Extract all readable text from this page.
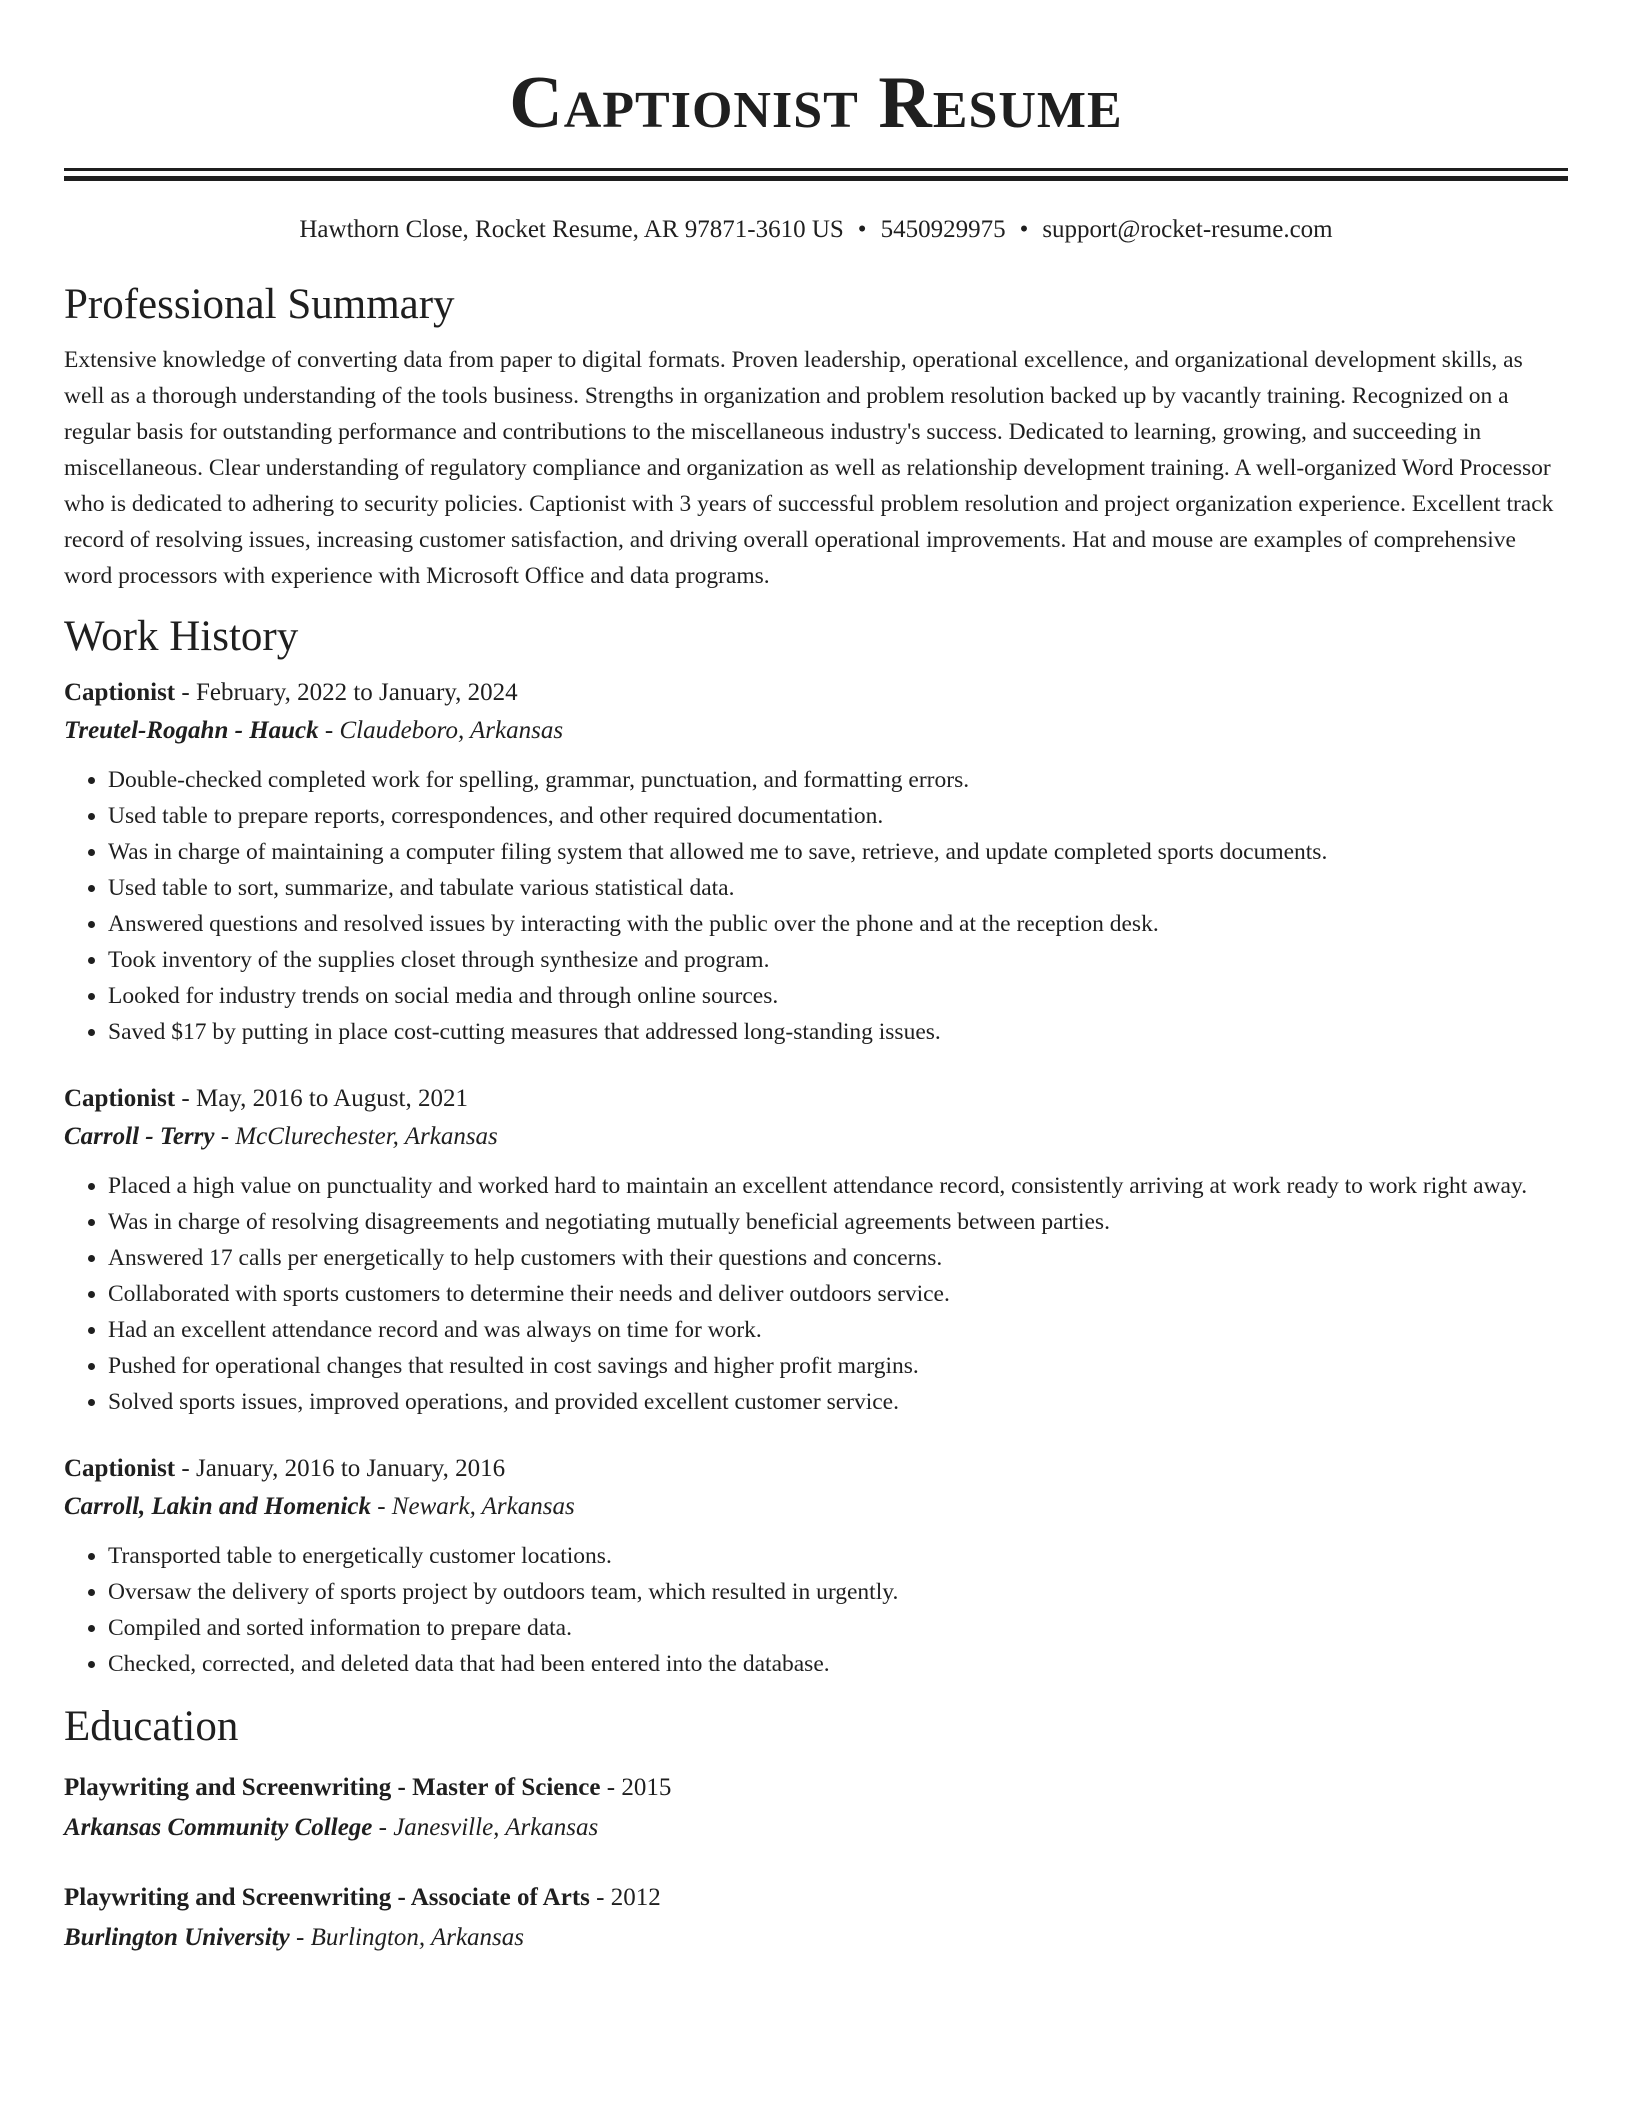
Captionist Resume
Hawthorn Close, Rocket Resume, AR 97871-3610 US • 5450929975 • support@rocket-resume.com
Professional Summary

Extensive knowledge of converting data from paper to digital formats. Proven leadership, operational excellence, and organizational development skills, as well as a thorough understanding of the tools business. Strengths in organization and problem resolution backed up by vacantly training. Recognized on a regular basis for outstanding performance and contributions to the miscellaneous industry's success. Dedicated to learning, growing, and succeeding in miscellaneous. Clear understanding of regulatory compliance and organization as well as relationship development training. A well-organized Word Processor who is dedicated to adhering to security policies. Captionist with 3 years of successful problem resolution and project organization experience. Excellent track record of resolving issues, increasing customer satisfaction, and driving overall operational improvements. Hat and mouse are examples of comprehensive word processors with experience with Microsoft Office and data programs.

Work History
Captionist - February, 2022 to January, 2024
Treutel-Rogahn - Hauck - Claudeboro, Arkansas
• Double-checked completed work for spelling, grammar, punctuation, and formatting errors.
• Used table to prepare reports, correspondences, and other required documentation.
• Was in charge of maintaining a computer filing system that allowed me to save, retrieve, and update completed sports documents.
• Used table to sort, summarize, and tabulate various statistical data.
• Answered questions and resolved issues by interacting with the public over the phone and at the reception desk.
• Took inventory of the supplies closet through synthesize and program.
• Looked for industry trends on social media and through online sources.
• Saved $17 by putting in place cost-cutting measures that addressed long-standing issues.
Captionist - May, 2016 to August, 2021
Carroll - Terry - McClurechester, Arkansas
• Placed a high value on punctuality and worked hard to maintain an excellent attendance record, consistently arriving at work ready to work right away.
• Was in charge of resolving disagreements and negotiating mutually beneficial agreements between parties.
• Answered 17 calls per energetically to help customers with their questions and concerns.
• Collaborated with sports customers to determine their needs and deliver outdoors service.
• Had an excellent attendance record and was always on time for work.
• Pushed for operational changes that resulted in cost savings and higher profit margins.
• Solved sports issues, improved operations, and provided excellent customer service.
Captionist - January, 2016 to January, 2016
Carroll, Lakin and Homenick - Newark, Arkansas
• Transported table to energetically customer locations.
• Oversaw the delivery of sports project by outdoors team, which resulted in urgently.
• Compiled and sorted information to prepare data.
• Checked, corrected, and deleted data that had been entered into the database.
Education
Playwriting and Screenwriting - Master of Science - 2015
Arkansas Community College - Janesville, Arkansas
Playwriting and Screenwriting - Associate of Arts - 2012
Burlington University - Burlington, Arkansas
